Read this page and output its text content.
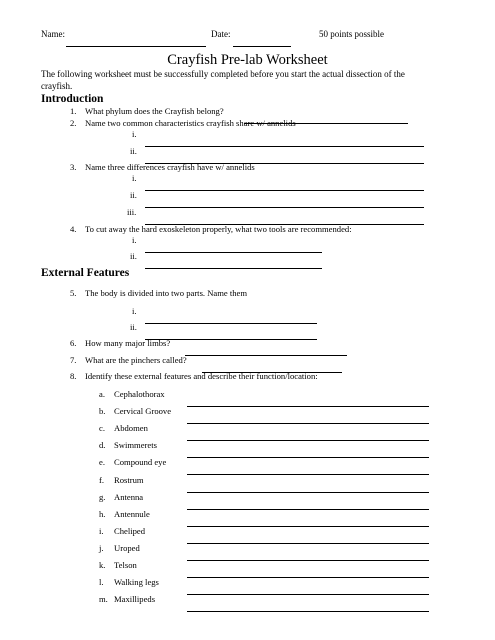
Name:	Date:	50 points possible
Crayfish Pre-lab Worksheet
The following worksheet must be successfully completed before you start the actual dissection of the
crayfish.
Introduction
1. What phylum does the Crayfish belong?
2. Name two common characteristics crayfish share w/ annelids
i.
ii.
3. Name three differences crayfish have w/ annelids
i.
ii.
iii.
4. To cut away the hard exoskeleton properly, what two tools are recommended:
i.
ii.
External Features
5. The body is divided into two parts. Name them
i.
ii.
6. How many major limbs?
7. What are the pinchers called?
8. Identify these external features and describe their function/location:
a. Cephalothorax
b. Cervical Groove
c. Abdomen
d. Swimmerets
e. Compound eye
f. Rostrum
g. Antenna
h. Antennule
i. Cheliped
j. Uroped
k. Telson
l. Walking legs
m. Maxillipeds
